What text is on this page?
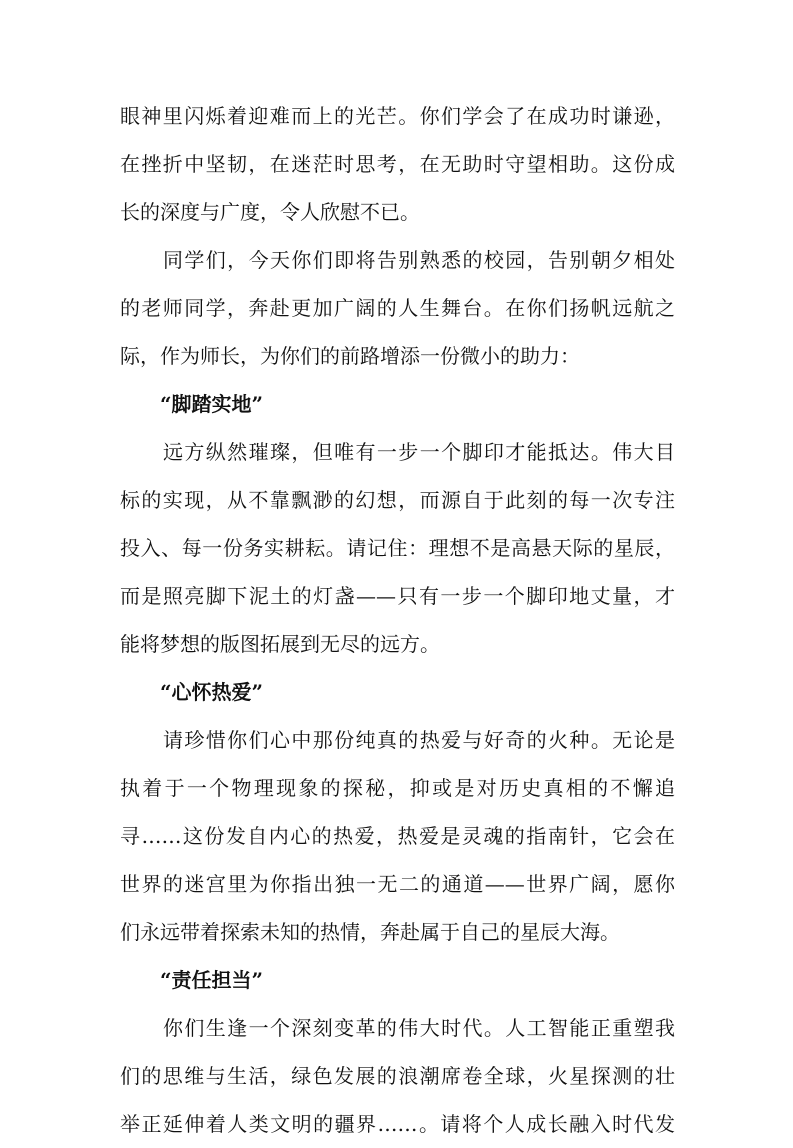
眼神里闪烁着迎难而上的光芒。你们学会了在成功时谦逊，
在挫折中坚韧，在迷茫时思考，在无助时守望相助。这份成
长的深度与广度，令人欣慰不已。
同学们，今天你们即将告别熟悉的校园，告别朝夕相处
的老师同学，奔赴更加广阔的人生舞台。在你们扬帆远航之
际，作为师长，为你们的前路增添一份微小的助力：
“脚踏实地”
远方纵然璀璨，但唯有一步一个脚印才能抵达。伟大目
标的实现，从不靠飘渺的幻想，而源自于此刻的每一次专注
投入、每一份务实耕耘。请记住：理想不是高悬天际的星辰，
而是照亮脚下泥土的灯盏——只有一步一个脚印地丈量，才
能将梦想的版图拓展到无尽的远方。
“心怀热爱”
请珍惜你们心中那份纯真的热爱与好奇的火种。无论是
执着于一个物理现象的探秘，抑或是对历史真相的不懈追
寻……这份发自内心的热爱，热爱是灵魂的指南针，它会在
世界的迷宫里为你指出独一无二的通道——世界广阔，愿你
们永远带着探索未知的热情，奔赴属于自己的星辰大海。
“责任担当”
你们生逢一个深刻变革的伟大时代。人工智能正重塑我
们的思维与生活，绿色发展的浪潮席卷全球，火星探测的壮
举正延伸着人类文明的疆界……。请将个人成长融入时代发
